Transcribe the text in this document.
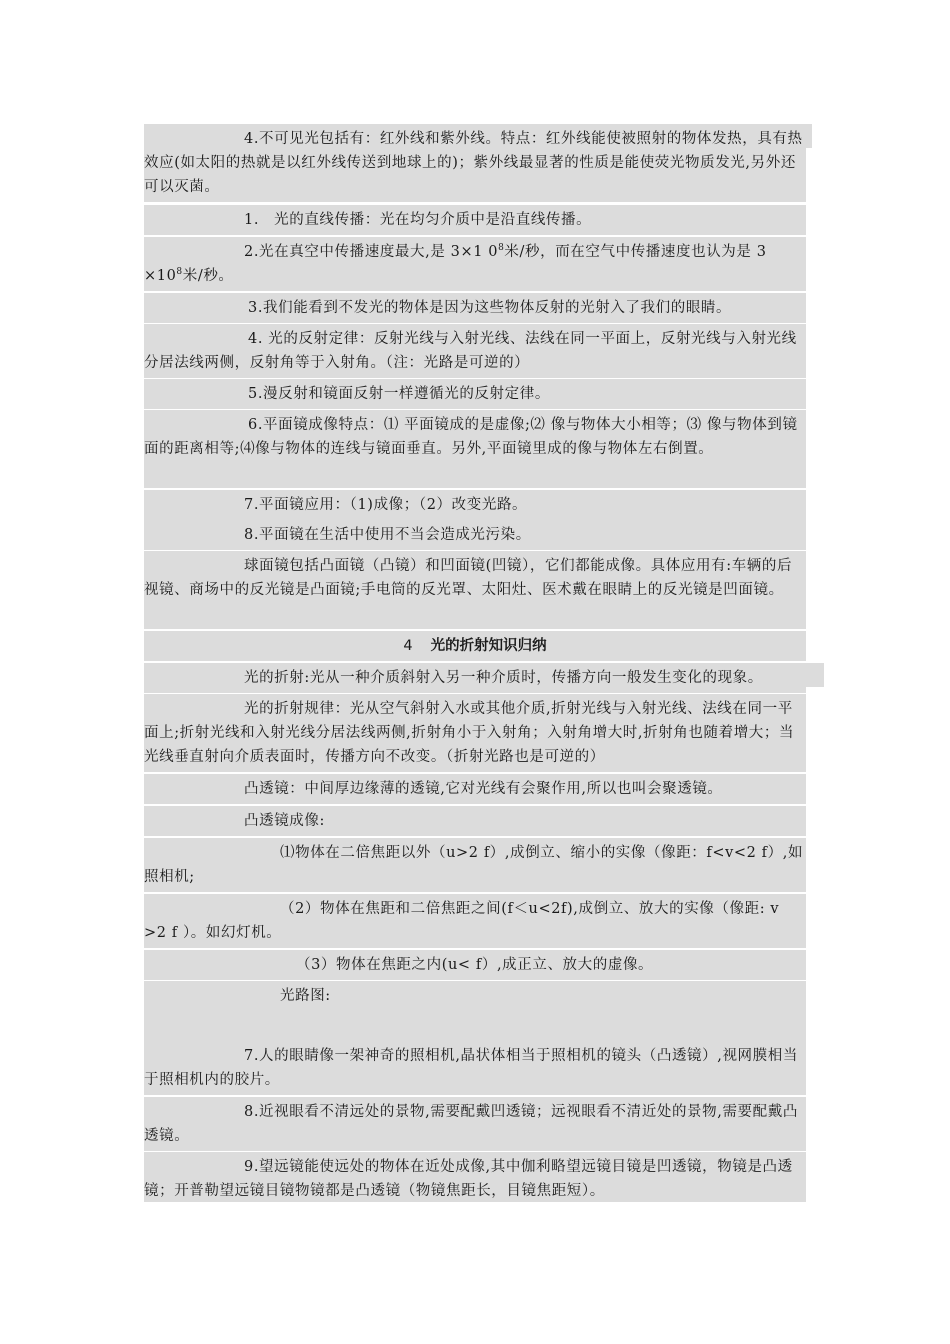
4.不可见光包括有：红外线和紫外线。特点：红外线能使被照射的物体发热，具有热效应(如太阳的热就是以红外线传送到地球上的)；紫外线最显著的性质是能使荧光物质发光,另外还可以灭菌。
1.　光的直线传播：光在均匀介质中是沿直线传播。
2.光在真空中传播速度最大,是 3×1 $0^8$米/秒，而在空气中传播速度也认为是 $3 \times 10^8$米/秒。
3.我们能看到不发光的物体是因为这些物体反射的光射入了我们的眼睛。
4. 光的反射定律：反射光线与入射光线、法线在同一平面上，反射光线与入射光线分居法线两侧，反射角等于入射角。（注：光路是可逆的）
5.漫反射和镜面反射一样遵循光的反射定律。
6.平面镜成像特点：⑴ 平面镜成的是虚像;⑵ 像与物体大小相等；⑶ 像与物体到镜面的距离相等;⑷像与物体的连线与镜面垂直。另外,平面镜里成的像与物体左右倒置。
7.平面镜应用：（1)成像；（2）改变光路。
8.平面镜在生活中使用不当会造成光污染。
球面镜包括凸面镜（凸镜）和凹面镜(凹镜），它们都能成像。具体应用有:车辆的后视镜、商场中的反光镜是凸面镜;手电筒的反光罩、太阳灶、医术戴在眼睛上的反光镜是凹面镜。
4 光的折射知识归纳
光的折射:光从一种介质斜射入另一种介质时，传播方向一般发生变化的现象。
光的折射规律：光从空气斜射入水或其他介质,折射光线与入射光线、法线在同一平面上;折射光线和入射光线分居法线两侧,折射角小于入射角；入射角增大时,折射角也随着增大；当光线垂直射向介质表面时，传播方向不改变。（折射光路也是可逆的）
凸透镜：中间厚边缘薄的透镜,它对光线有会聚作用,所以也叫会聚透镜。
凸透镜成像:
⑴物体在二倍焦距以外（u>2 f）,成倒立、缩小的实像（像距：f<v<2 f）,如照相机;
（2）物体在焦距和二倍焦距之间(f＜u<2f),成倒立、放大的实像（像距: v >2 f ）。如幻灯机。
（3）物体在焦距之内(u< f）,成正立、放大的虚像。
光路图:
7.人的眼睛像一架神奇的照相机,晶状体相当于照相机的镜头（凸透镜）,视网膜相当于照相机内的胶片。
8.近视眼看不清远处的景物,需要配戴凹透镜；远视眼看不清近处的景物,需要配戴凸透镜。
9.望远镜能使远处的物体在近处成像,其中伽利略望远镜目镜是凹透镜，物镜是凸透镜；开普勒望远镜目镜物镜都是凸透镜（物镜焦距长，目镜焦距短）。
